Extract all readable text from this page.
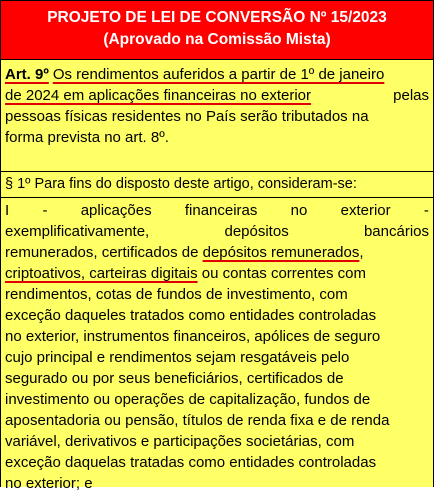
PROJETO DE LEI DE CONVERSÃO Nº 15/2023
(Aprovado na Comissão Mista)
Art. 9º Os rendimentos auferidos a partir de 1º de janeiro
de 2024 em aplicações financeiras no exterior	pelas
pessoas físicas residentes no País serão tributados na
forma prevista no art. 8º.
§ 1º Para fins do disposto deste artigo, consideram-se:
I - aplicações financeiras no exterior -
exemplificativamente,	depósitos	bancários
remunerados, certificados de depósitos remunerados,
criptoativos, carteiras digitais ou contas correntes com
rendimentos, cotas de fundos de investimento, com
exceção daqueles tratados como entidades controladas
no exterior, instrumentos financeiros, apólices de seguro
cujo principal e rendimentos sejam resgatáveis pelo
segurado ou por seus beneficiários, certificados de
investimento ou operações de capitalização, fundos de
aposentadoria ou pensão, títulos de renda fixa e de renda
variável, derivativos e participações societárias, com
exceção daquelas tratadas como entidades controladas
no exterior; e
